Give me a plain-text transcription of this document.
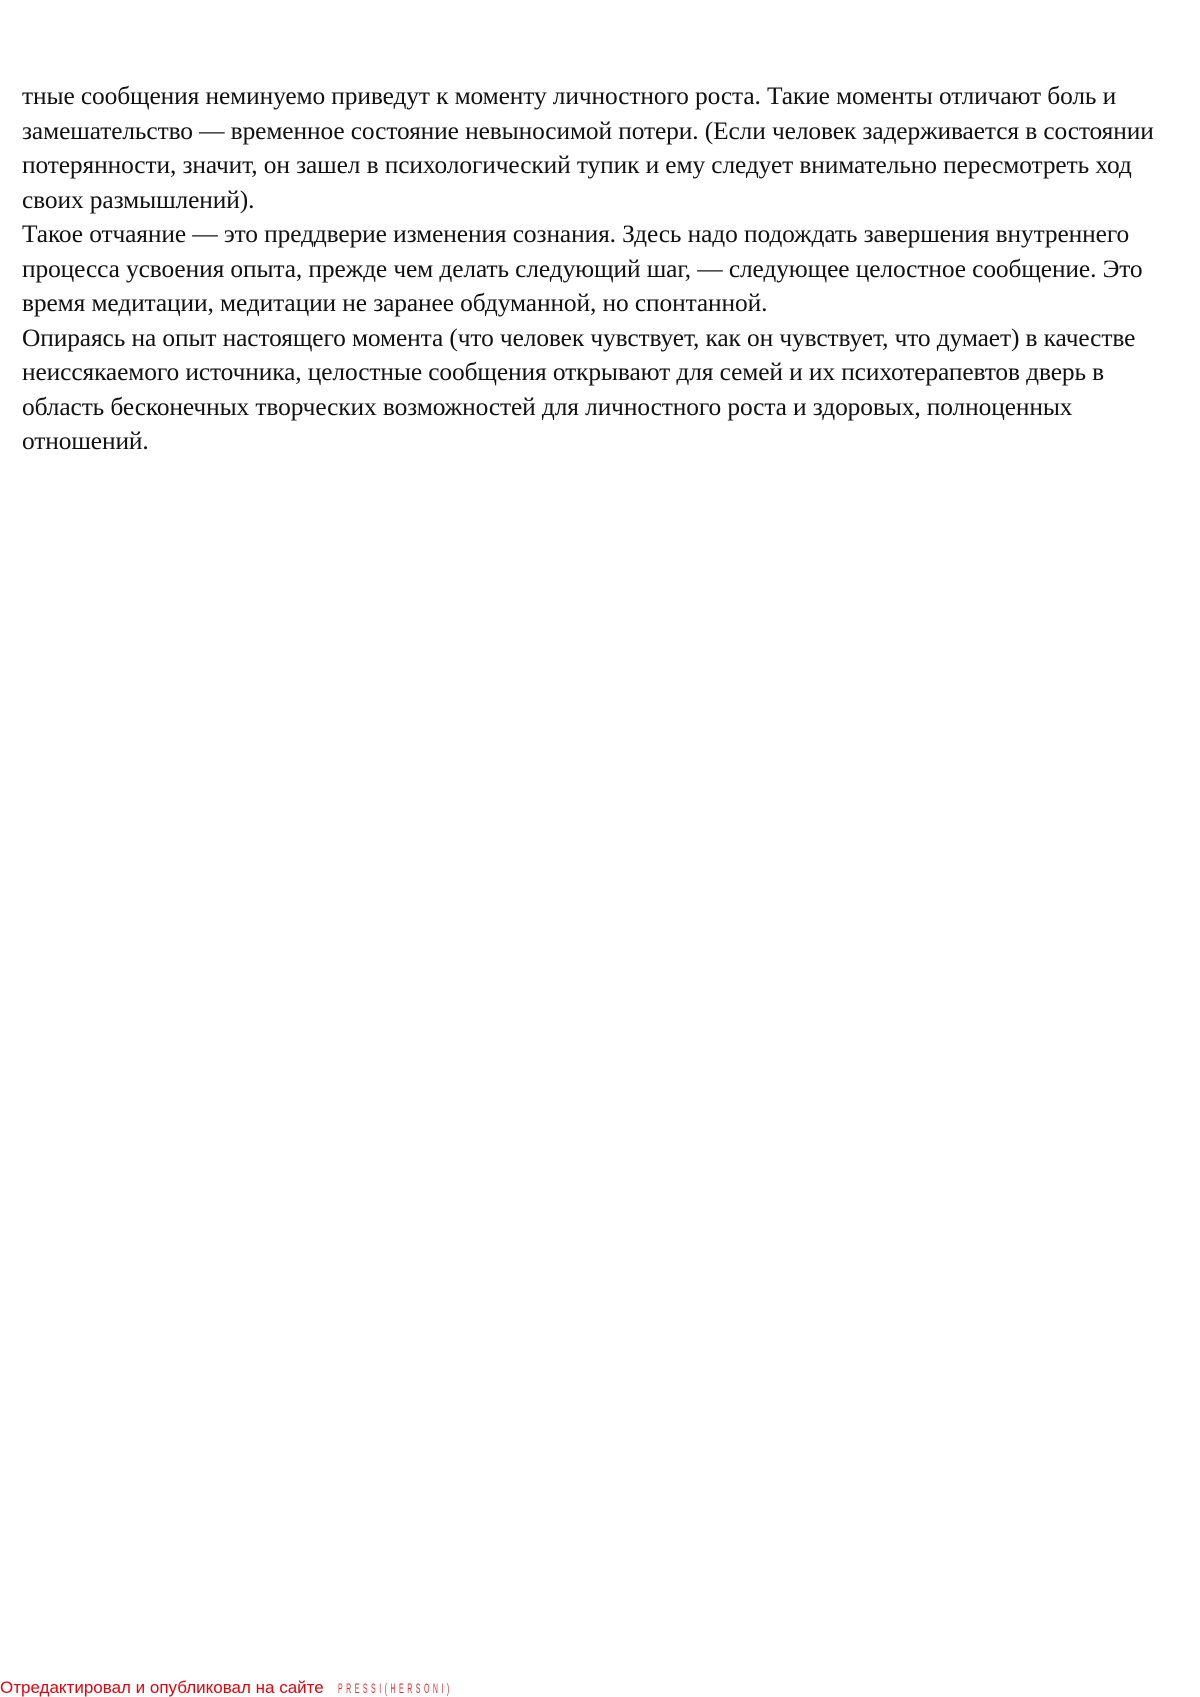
тные сообщения неминуемо приведут к моменту личностного роста. Такие моменты отличают боль и замешательство — временное состояние невыносимой потери. (Если человек задерживается в состоянии потерянности, значит, он зашел в психологический тупик и ему следует внимательно пересмотреть ход своих размышлений).

Такое отчаяние — это преддверие изменения сознания. Здесь надо подождать завершения внутреннего процесса усвоения опыта, прежде чем делать следующий шаг, — следующее целостное сообщение. Это время медитации, медитации не заранее обдуманной, но спонтанной.

Опираясь на опыт настоящего момента (что человек чувствует, как он чувствует, что думает) в качестве неиссякаемого источника, целостные сообщения открывают для семей и их психотерапевтов дверь в область бесконечных творческих возможностей для личностного роста и здоровых, полноценных отношений.

Отредактировал и опубликовал на сайте PRESSI(HERSONI)
